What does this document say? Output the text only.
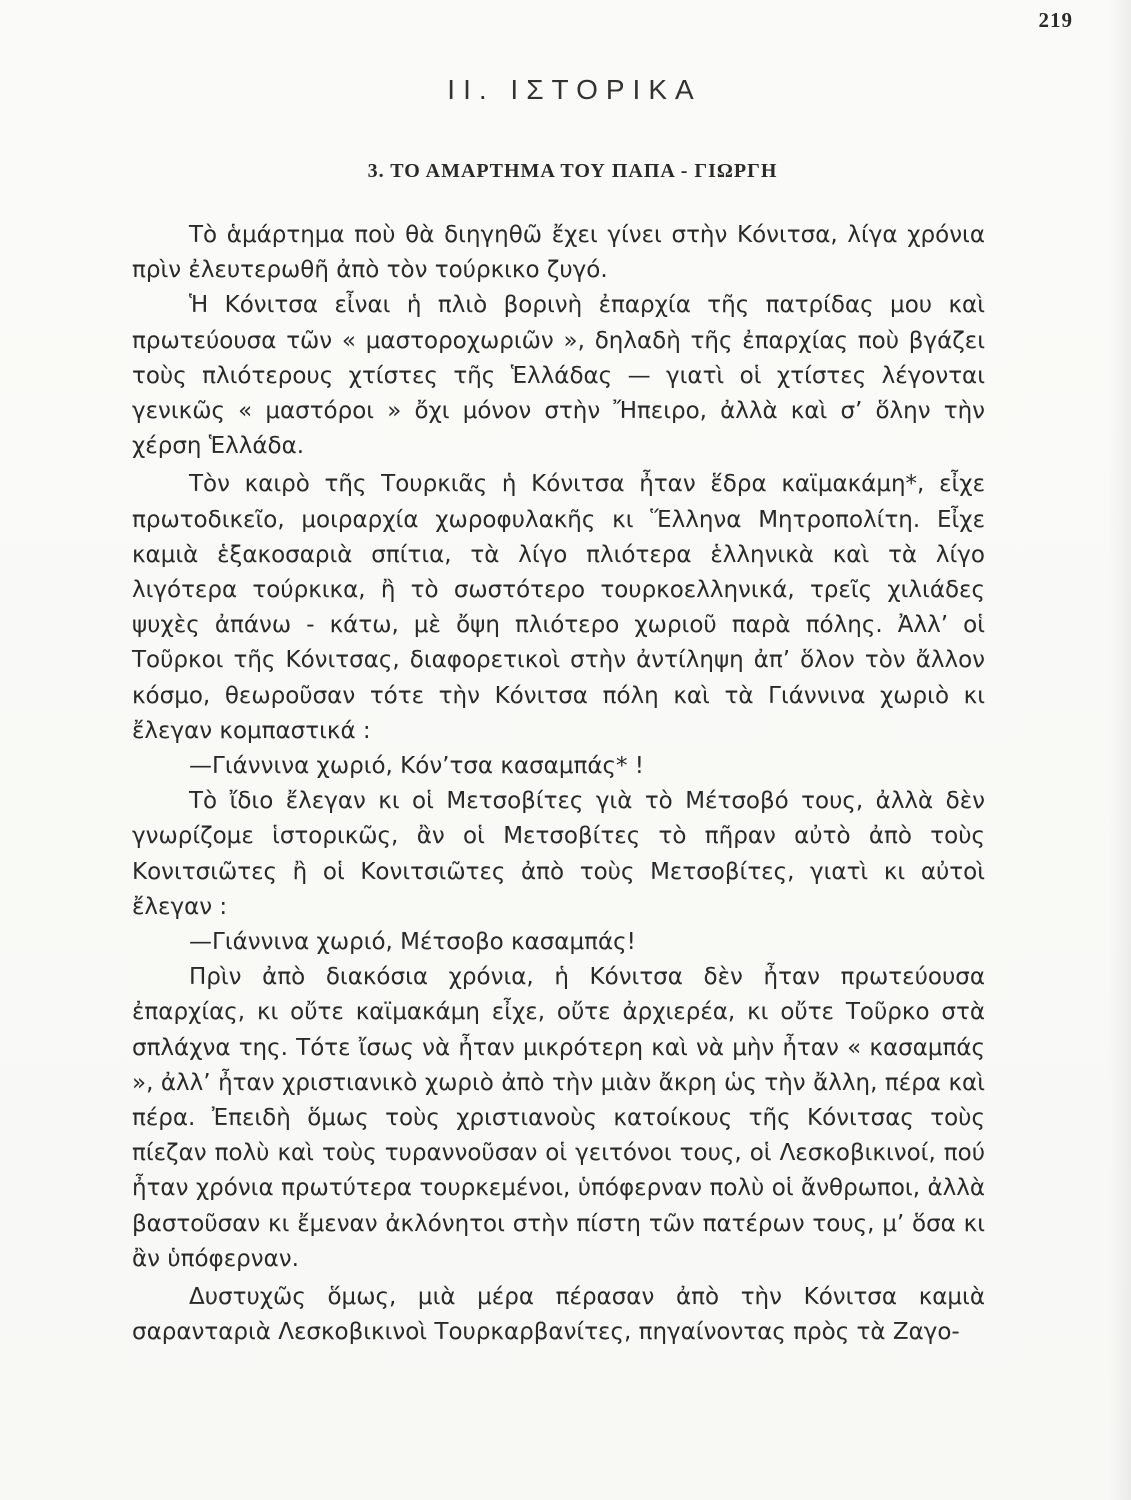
219
II. ΙΣΤΟΡΙΚΑ
3. ΤΟ ΑΜΑΡΤΗΜΑ ΤΟΥ ΠΑΠΑ - ΓΙΩΡΓΗ

Τὸ ἁμάρτημα ποὺ θὰ διηγηθῶ ἔχει γίνει στὴν Κόνιτσα, λίγα χρόνια πρὶν ἐλευτερωθῆ ἀπὸ τὸν τούρκικο ζυγό.

Ἡ Κόνιτσα εἶναι ἡ πλιὸ βορινὴ ἐπαρχία τῆς πατρίδας μου καὶ πρωτεύουσα τῶν « μαστοροχωριῶν », δηλαδὴ τῆς ἐπαρχίας ποὺ βγάζει τοὺς πλιότερους χτίστες τῆς Ἑλλάδας — γιατὶ οἱ χτίστες λέγονται γενικῶς « μαστόροι » ὄχι μόνον στὴν Ἤπειρο, ἀλλὰ καὶ σ’ ὅλην τὴν χέρση Ἑλλάδα.

Τὸν καιρὸ τῆς Τουρκιᾶς ἡ Κόνιτσα ἦταν ἕδρα καϊμακάμη*, εἶχε πρωτοδικεῖο, μοιραρχία χωροφυλακῆς κι Ἕλληνα Μητροπολίτη. Εἶχε καμιὰ ἑξακοσαριὰ σπίτια, τὰ λίγο πλιότερα ἑλληνικὰ καὶ τὰ λίγο λιγότερα τούρκικα, ἢ τὸ σωστότερο τουρκοελληνικά, τρεῖς χιλιάδες ψυχὲς ἀπάνω - κάτω, μὲ ὄψη πλιότερο χωριοῦ παρὰ πόλης. Ἀλλ’ οἱ Τοῦρκοι τῆς Κόνιτσας, διαφορετικοὶ στὴν ἀντίληψη ἀπ’ ὅλον τὸν ἄλλον κόσμο, θεωροῦσαν τότε τὴν Κόνιτσα πόλη καὶ τὰ Γιάννινα χωριὸ κι ἔλεγαν κομπαστικά :

—Γιάννινα χωριό, Κόν’τσα κασαμπάς* !

Τὸ ἴδιο ἔλεγαν κι οἱ Μετσοβίτες γιὰ τὸ Μέτσοβό τους, ἀλλὰ δὲν γνωρίζομε ἱστορικῶς, ἂν οἱ Μετσοβίτες τὸ πῆραν αὐτὸ ἀπὸ τοὺς Κονιτσιῶτες ἢ οἱ Κονιτσιῶτες ἀπὸ τοὺς Μετσοβίτες, γιατὶ κι αὐτοὶ ἔλεγαν :

—Γιάννινα χωριό, Μέτσοβο κασαμπάς!

Πρὶν ἀπὸ διακόσια χρόνια, ἡ Κόνιτσα δὲν ἦταν πρωτεύουσα ἐπαρχίας, κι οὔτε καϊμακάμη εἶχε, οὔτε ἀρχιερέα, κι οὔτε Τοῦρκο στὰ σπλάχνα της. Τότε ἴσως νὰ ἦταν μικρότερη καὶ νὰ μὴν ἦταν « κασαμπάς », ἀλλ’ ἦταν χριστιανικὸ χωριὸ ἀπὸ τὴν μιὰν ἄκρη ὡς τὴν ἄλλη, πέρα καὶ πέρα. Ἐπειδὴ ὅμως τοὺς χριστιανοὺς κατοίκους τῆς Κόνιτσας τοὺς πίεζαν πολὺ καὶ τοὺς τυραννοῦσαν οἱ γειτόνοι τους, οἱ Λεσκοβικινοί, πού ἦταν χρόνια πρωτύτερα τουρκεμένοι, ὑπόφερναν πολὺ οἱ ἄνθρωποι, ἀλλὰ βαστοῦσαν κι ἔμεναν ἀκλόνητοι στὴν πίστη τῶν πατέρων τους, μ’ ὅσα κι ἂν ὑπόφερναν.

Δυστυχῶς ὅμως, μιὰ μέρα πέρασαν ἀπὸ τὴν Κόνιτσα καμιὰ σαρανταριὰ Λεσκοβικινοὶ Τουρκαρβανίτες, πηγαίνοντας πρὸς τὰ Ζαγο-
